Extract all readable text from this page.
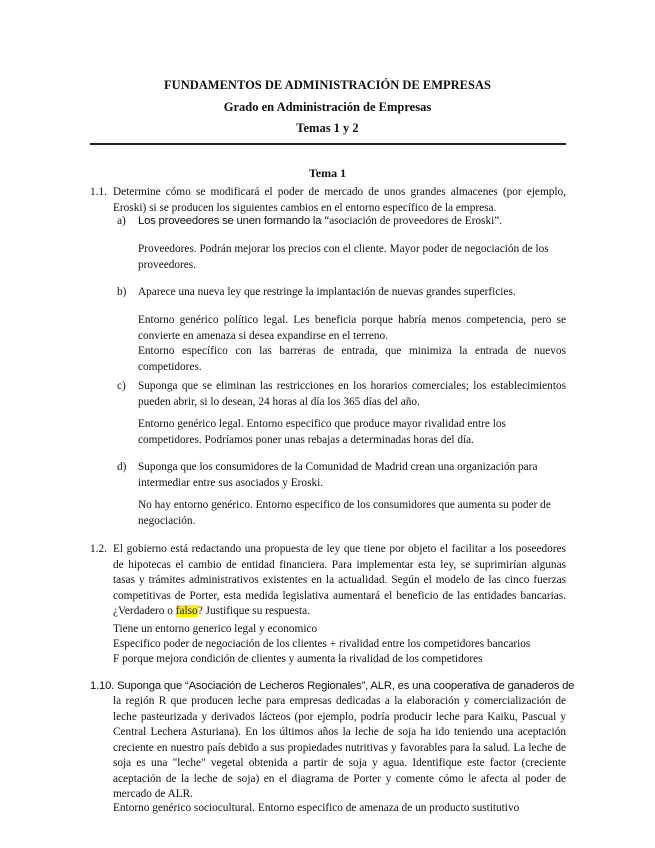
FUNDAMENTOS DE ADMINISTRACIÓN DE EMPRESAS
Grado en Administración de Empresas
Temas 1 y 2
Tema 1
1.1. Determine cómo se modificará el poder de mercado de unos grandes almacenes (por ejemplo, Eroski) si se producen los siguientes cambios en el entorno específico de la empresa.

a) Los proveedores se unen formando la “asociación de proveedores de Eroski”.

Proveedores. Podrán mejorar los precios con el cliente. Mayor poder de negociación de los proveedores.

b) Aparece una nueva ley que restringe la implantación de nuevas grandes superficies.

Entorno genérico político legal. Les beneficia porque habría menos competencia, pero se convierte en amenaza si desea expandirse en el terreno.

Entorno específico con las barreras de entrada, que minimiza la entrada de nuevos competidores.

c) Suponga que se eliminan las restricciones en los horarios comerciales; los establecimientos pueden abrir, si lo desean, 24 horas al día los 365 días del año.

Entorno genérico legal. Entorno especifico que produce mayor rivalidad entre los competidores. Podríamos poner unas rebajas a determinadas horas del día.

d) Suponga que los consumidores de la Comunidad de Madrid crean una organización para intermediar entre sus asociados y Eroski.

No hay entorno genérico. Entorno especifico de los consumidores que aumenta su poder de negociación.

1.2. El gobierno está redactando una propuesta de ley que tiene por objeto el facilitar a los poseedores de hipotecas el cambio de entidad financiera. Para implementar esta ley, se suprimirían algunas tasas y trámites administrativos existentes en la actualidad. Según el modelo de las cinco fuerzas competitivas de Porter, esta medida legislativa aumentará el beneficio de las entidades bancarias. ¿Verdadero o falso? Justifique su respuesta.

Tiene un entorno generico legal y economico

Especifico poder de negociación de los clientes + rivalidad entre los competidores bancarios

F porque mejora condición de clientes y aumenta la rivalidad de los competidores

1.10. Suponga que “Asociación de Lecheros Regionales”, ALR, es una cooperativa de ganaderos de

la región R que producen leche para empresas dedicadas a la elaboración y comercialización de leche pasteurizada y derivados lácteos (por ejemplo, podría producir leche para Kaiku, Pascual y Central Lechera Asturiana). En los últimos años la leche de soja ha ido teniendo una aceptación creciente en nuestro país debido a sus propiedades nutritivas y favorables para la salud. La leche de soja es una "leche" vegetal obtenida a partir de soja y agua. Identifique este factor (creciente aceptación de la leche de soja) en el diagrama de Porter y comente cómo le afecta al poder de mercado de ALR.

Entorno genérico sociocultural. Entorno especifico de amenaza de un producto sustitutivo
